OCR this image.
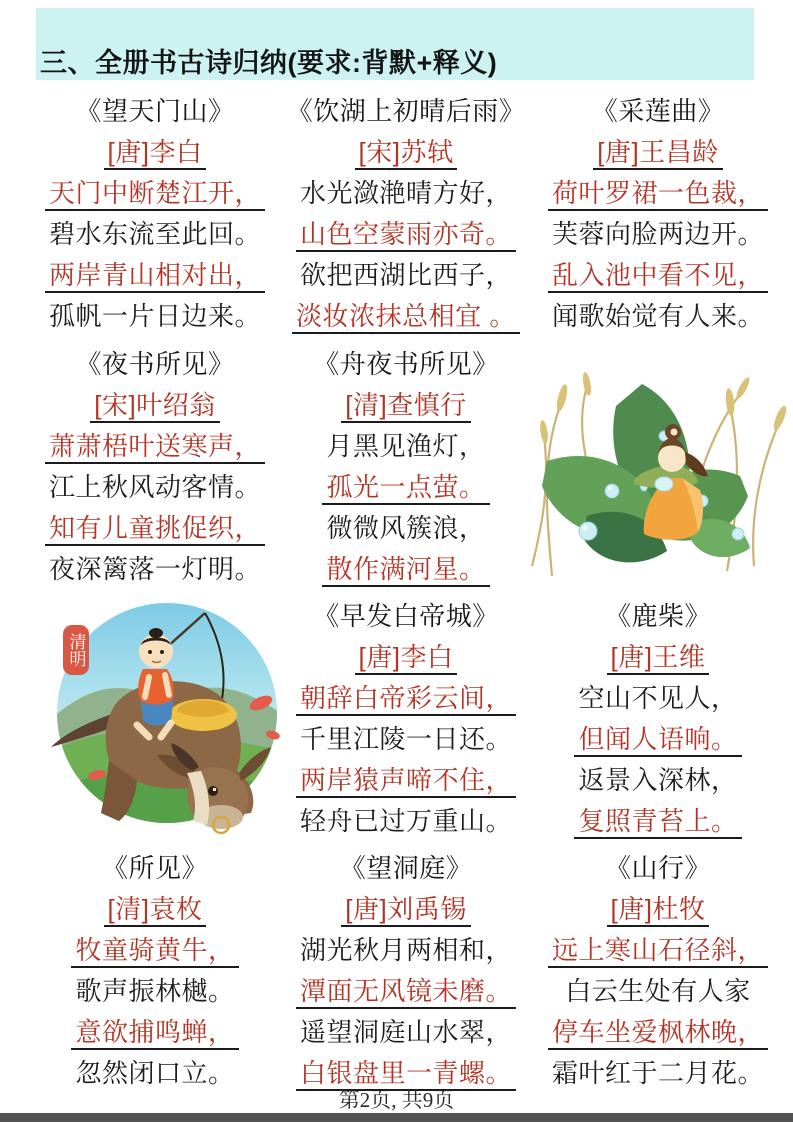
三、全册书古诗归纳(要求:背默+释义)
《望天门山》
[唐]李白
天门中断楚江开，
碧水东流至此回。
两岸青山相对出，
孤帆一片日边来。
《饮湖上初晴后雨》
[宋]苏轼
水光潋滟晴方好，
山色空蒙雨亦奇。
欲把西湖比西子，
淡妆浓抹总相宜 。
《采莲曲》
[唐]王昌龄
荷叶罗裙一色裁，
芙蓉向脸两边开。
乱入池中看不见，
闻歌始觉有人来。
《夜书所见》
[宋]叶绍翁
萧萧梧叶送寒声，
江上秋风动客情。
知有儿童挑促织，
夜深篱落一灯明。
《舟夜书所见》
[清]查慎行
月黑见渔灯，
孤光一点萤。
微微风簇浪，
散作满河星。
清明
《早发白帝城》
[唐]李白
朝辞白帝彩云间，
千里江陵一日还。
两岸猿声啼不住，
轻舟已过万重山。
《鹿柴》
[唐]王维
空山不见人，
但闻人语响。
返景入深林，
复照青苔上。
《所见》
[清]袁枚
牧童骑黄牛，
歌声振林樾。
意欲捕鸣蝉，
忽然闭口立。
《望洞庭》
[唐]刘禹锡
湖光秋月两相和，
潭面无风镜未磨。
遥望洞庭山水翠，
白银盘里一青螺。
《山行》
[唐]杜牧
远上寒山石径斜，
白云生处有人家
停车坐爱枫林晚，
霜叶红于二月花。
第2页, 共9页
